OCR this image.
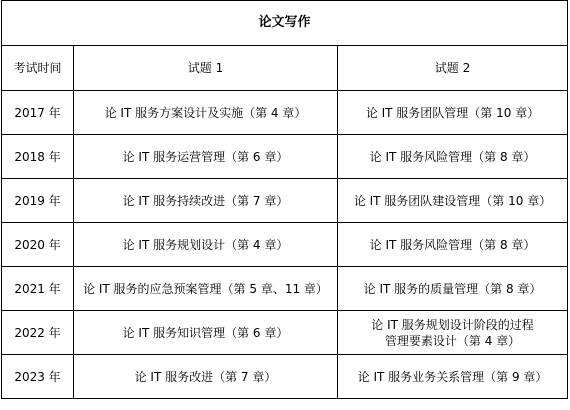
论文写作		
考试时间	试题 1	试题 2
2017 年	论 IT 服务方案设计及实施（第 4 章）	论 IT 服务团队管理（第 10 章）
2018 年	论 IT 服务运营管理（第 6 章）	论 IT 服务风险管理（第 8 章）
2019 年	论 IT 服务持续改进（第 7 章）	论 IT 服务团队建设管理（第 10 章）
2020 年	论 IT 服务规划设计（第 4 章）	论 IT 服务风险管理（第 8 章）
2021 年	论 IT 服务的应急预案管理（第 5 章、11 章）	论 IT 服务的质量管理（第 8 章）
2022 年	论 IT 服务知识管理（第 6 章）	论 IT 服务规划设计阶段的过程
管理要素设计（第 4 章）
2023 年	论 IT 服务改进（第 7 章）	论 IT 服务业务关系管理（第 9 章）
